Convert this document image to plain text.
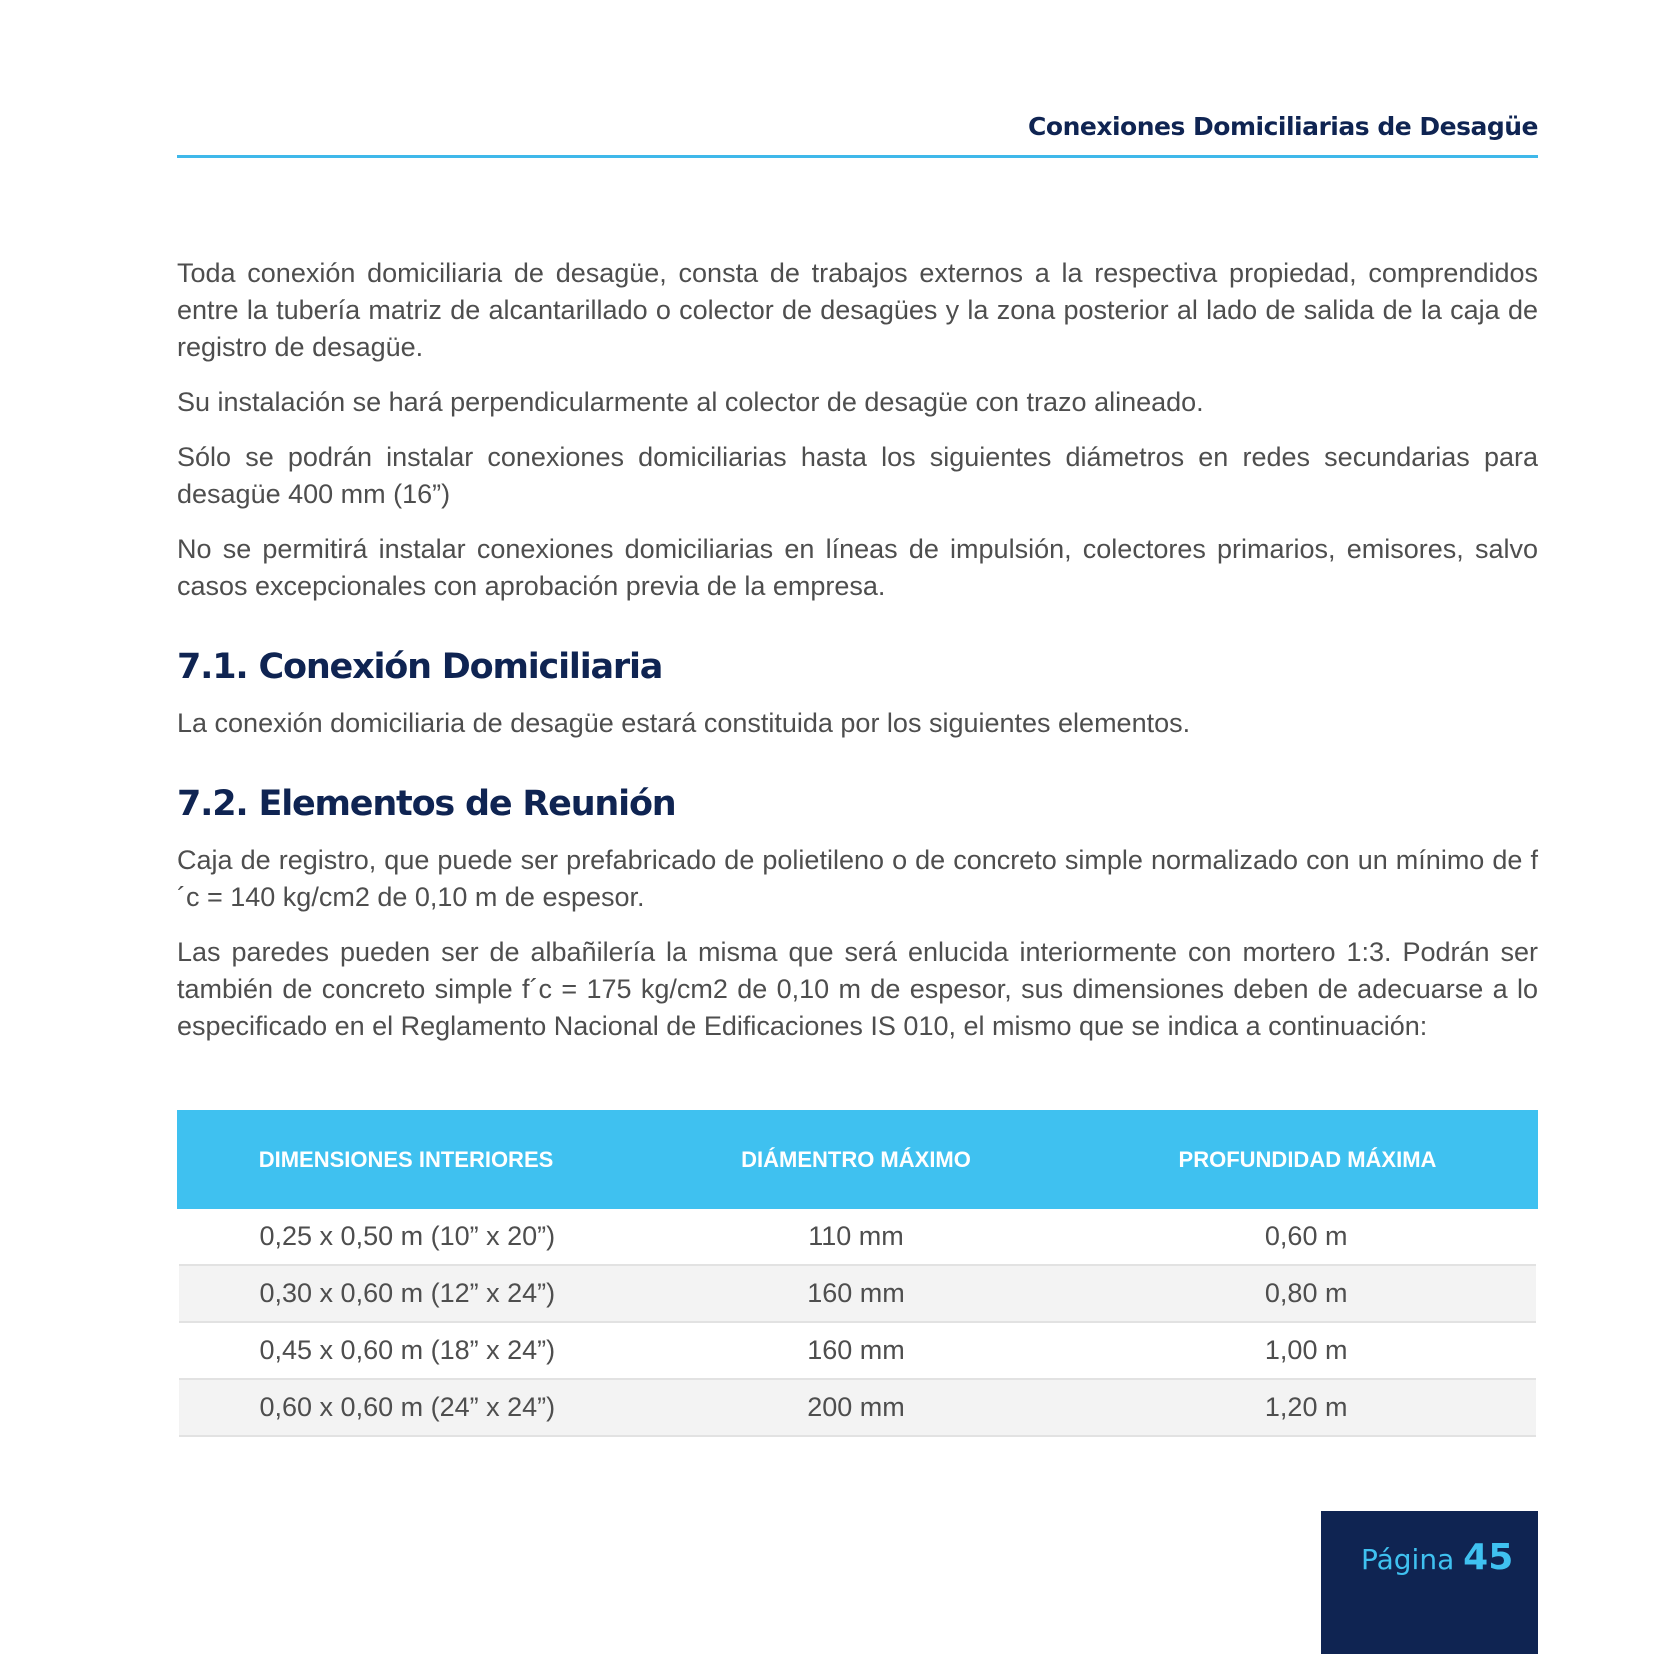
Conexiones Domiciliarias de Desagüe

Toda conexión domiciliaria de desagüe, consta de trabajos externos a la respectiva propiedad, comprendidos entre la tubería matriz de alcantarillado o colector de desagües y la zona posterior al lado de salida de la caja de registro de desagüe.

Su instalación se hará perpendicularmente al colector de desagüe con trazo alineado.

Sólo se podrán instalar conexiones domiciliarias hasta los siguientes diámetros en redes secundarias para desagüe 400 mm (16”)

No se permitirá instalar conexiones domiciliarias en líneas de impulsión, colectores primarios, emisores, salvo casos excepcionales con aprobación previa de la empresa.

7.1. Conexión Domiciliaria

La conexión domiciliaria de desagüe estará constituida por los siguientes elementos.

7.2. Elementos de Reunión

Caja de registro, que puede ser prefabricado de polietileno o de concreto simple normalizado con un mínimo de f´c = 140 kg/cm2 de 0,10 m de espesor.

Las paredes pueden ser de albañilería la misma que será enlucida interiormente con mortero 1:3. Podrán ser también de concreto simple f´c = 175 kg/cm2 de 0,10 m de espesor, sus dimensiones deben de adecuarse a lo especificado en el Reglamento Nacional de Edificaciones IS 010, el mismo que se indica a continuación:

DIMENSIONES INTERIORES	DIÁMENTRO MÁXIMO	PROFUNDIDAD MÁXIMA
0,25 x 0,50 m (10” x 20”)	110 mm	0,60 m
0,30 x 0,60 m (12” x 24”)	160 mm	0,80 m
0,45 x 0,60 m (18” x 24”)	160 mm	1,00 m
0,60 x 0,60 m (24” x 24”)	200 mm	1,20 m
Página 45
